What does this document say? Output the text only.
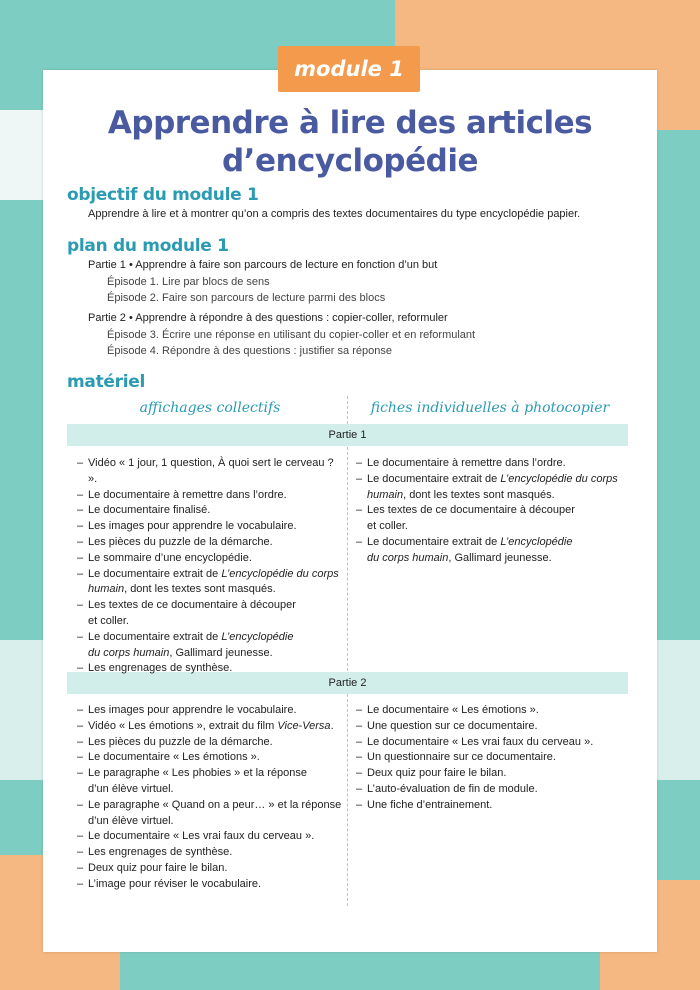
module 1
Apprendre à lire des articles
d’encyclopédie
objectif du module 1
Apprendre à lire et à montrer qu’on a compris des textes documentaires du type encyclopédie papier.
plan du module 1
Partie 1 • Apprendre à faire son parcours de lecture en fonction d’un but
Épisode 1. Lire par blocs de sens
Épisode 2. Faire son parcours de lecture parmi des blocs
Partie 2 • Apprendre à répondre à des questions : copier-coller, reformuler
Épisode 3. Écrire une réponse en utilisant du copier-coller et en reformulant
Épisode 4. Répondre à des questions : justifier sa réponse
matériel
affichages collectifs	fiches individuelles à photocopier
Partie 1
Partie 2
– Vidéo « 1 jour, 1 question, À quoi sert le cerveau ? ».
– Le documentaire à remettre dans l’ordre.
– Le documentaire finalisé.
– Les images pour apprendre le vocabulaire.
– Les pièces du puzzle de la démarche.
– Le sommaire d’une encyclopédie.
– Le documentaire extrait de L’encyclopédie du corps
humain, dont les textes sont masqués.
– Les textes de ce documentaire à découper
et coller.
– Le documentaire extrait de L’encyclopédie
du corps humain, Gallimard jeunesse.
– Les engrenages de synthèse.
– Le documentaire à remettre dans l’ordre.
– Le documentaire extrait de L’encyclopédie du corps
humain, dont les textes sont masqués.
– Les textes de ce documentaire à découper
et coller.
– Le documentaire extrait de L’encyclopédie
du corps humain, Gallimard jeunesse.
– Les images pour apprendre le vocabulaire.
– Vidéo « Les émotions », extrait du film Vice-Versa.
– Les pièces du puzzle de la démarche.
– Le documentaire « Les émotions ».
– Le paragraphe « Les phobies » et la réponse
d’un élève virtuel.
– Le paragraphe « Quand on a peur… » et la réponse
d’un élève virtuel.
– Le documentaire « Les vrai faux du cerveau ».
– Les engrenages de synthèse.
– Deux quiz pour faire le bilan.
– L’image pour réviser le vocabulaire.
– Le documentaire « Les émotions ».
– Une question sur ce documentaire.
– Le documentaire « Les vrai faux du cerveau ».
– Un questionnaire sur ce documentaire.
– Deux quiz pour faire le bilan.
– L’auto-évaluation de fin de module.
– Une fiche d’entrainement.
